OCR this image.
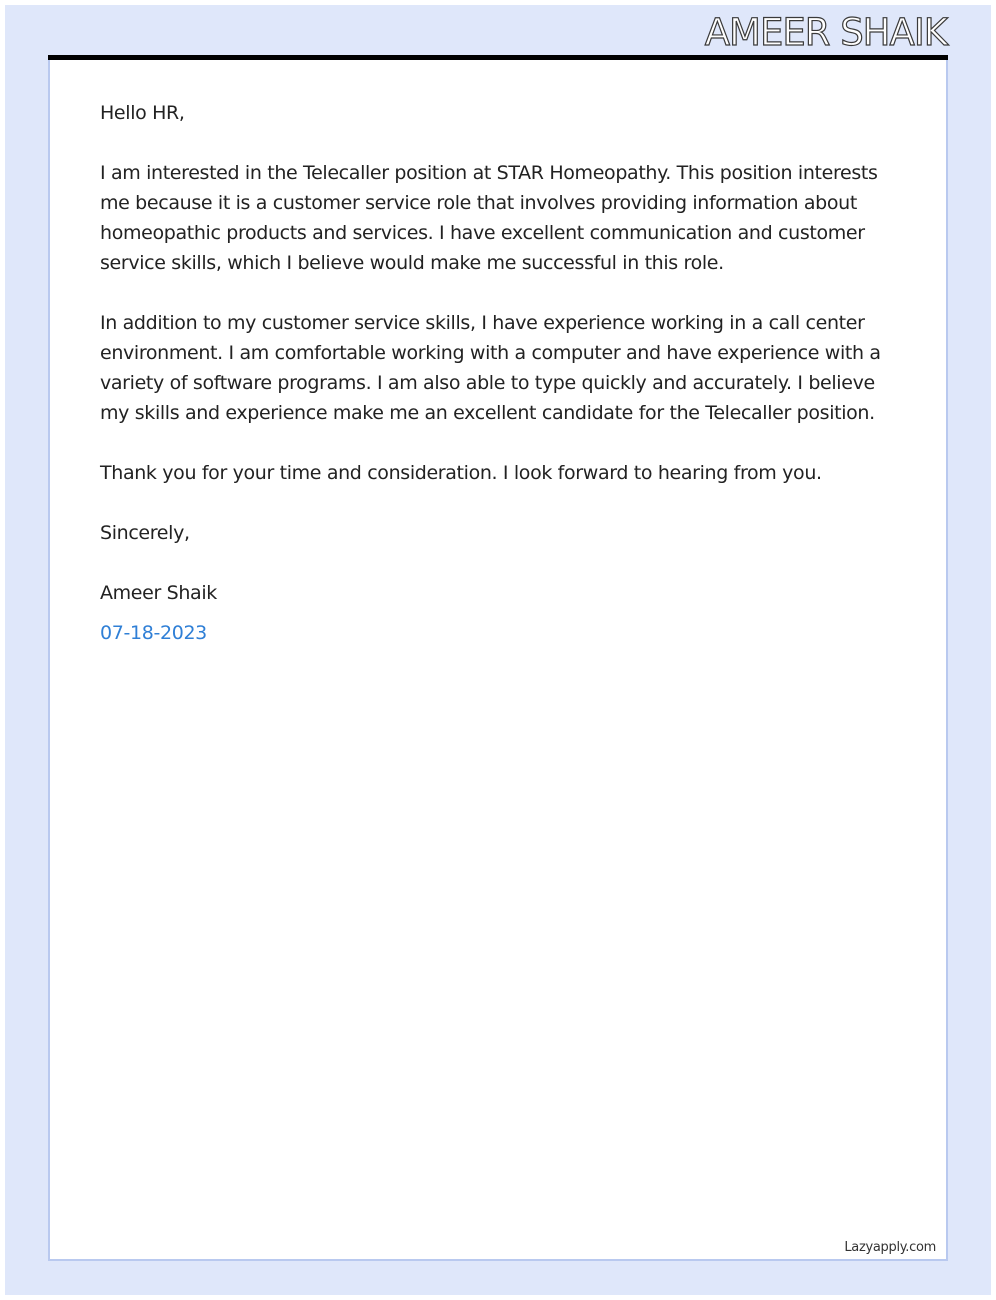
AMEER SHAIK

Hello HR,

I am interested in the Telecaller position at STAR Homeopathy. This position interests me because it is a customer service role that involves providing information about homeopathic products and services. I have excellent communication and customer service skills, which I believe would make me successful in this role.

In addition to my customer service skills, I have experience working in a call center environment. I am comfortable working with a computer and have experience with a variety of software programs. I am also able to type quickly and accurately. I believe my skills and experience make me an excellent candidate for the Telecaller position.

Thank you for your time and consideration. I look forward to hearing from you.

Sincerely,

Ameer Shaik

07-18-2023
Lazyapply.com
